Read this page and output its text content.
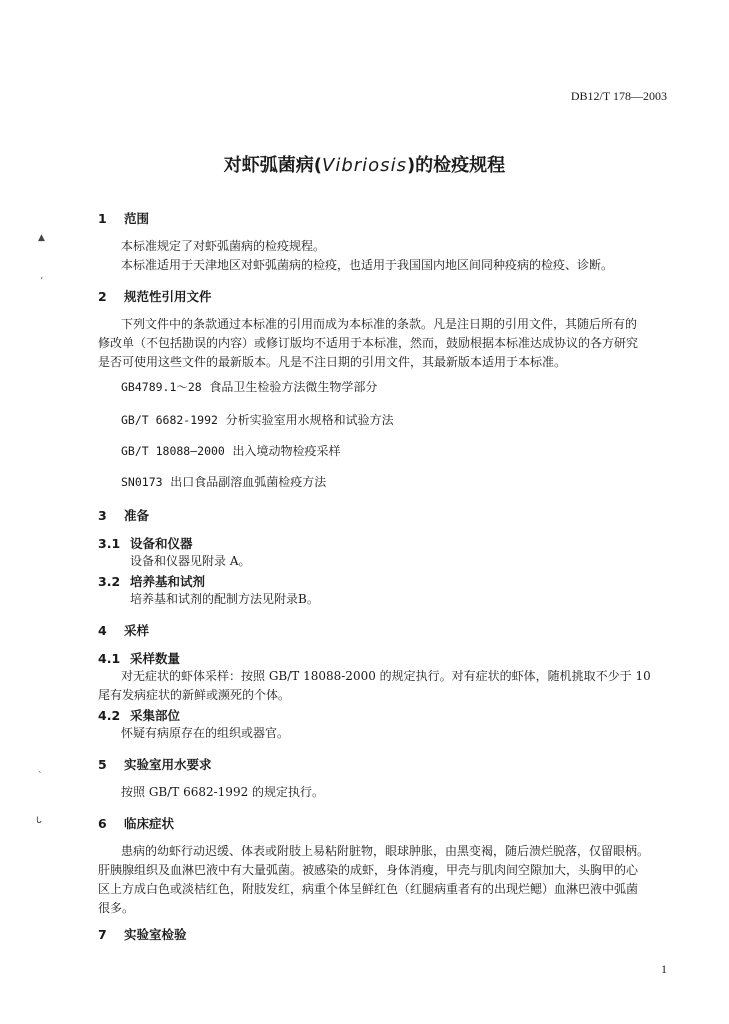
DB12/T 178—2003
对虾弧菌病(Vibriosis)的检疫规程
▲
ʼ
ˋ
ᒐ
1 范围
本标准规定了对虾弧菌病的检疫规程。
本标准适用于天津地区对虾弧菌病的检疫，也适用于我国国内地区间同种疫病的检疫、诊断。
2 规范性引用文件
下列文件中的条款通过本标准的引用而成为本标准的条款。凡是注日期的引用文件，其随后所有的
修改单（不包括勘误的内容）或修订版均不适用于本标准，然而，鼓励根据本标准达成协议的各方研究
是否可使用这些文件的最新版本。凡是不注日期的引用文件，其最新版本适用于本标准。
GB4789.1～28 食品卫生检验方法微生物学部分
GB/T 6682-1992 分析实验室用水规格和试验方法
GB/T 18088—2000 出入境动物检疫采样
SN0173 出口食品副溶血弧菌检疫方法
3 准备
3.1 设备和仪器
设备和仪器见附录 A。
3.2 培养基和试剂
培养基和试剂的配制方法见附录B。
4 采样
4.1 采样数量
对无症状的虾体采样：按照 GB/T 18088-2000 的规定执行。对有症状的虾体，随机挑取不少于 10
尾有发病症状的新鲜或濒死的个体。
4.2 采集部位
怀疑有病原存在的组织或器官。
5 实验室用水要求
按照 GB/T 6682-1992 的规定执行。
6 临床症状
患病的幼虾行动迟缓、体表或附肢上易粘附脏物，眼球肿胀，由黑变褐，随后溃烂脱落，仅留眼柄。
肝胰腺组织及血淋巴液中有大量弧菌。被感染的成虾，身体消瘦，甲壳与肌肉间空隙加大，头胸甲的心
区上方成白色或淡桔红色，附肢发红，病重个体呈鲜红色（红腿病重者有的出现烂鳃）血淋巴液中弧菌
很多。
7 实验室检验
1
